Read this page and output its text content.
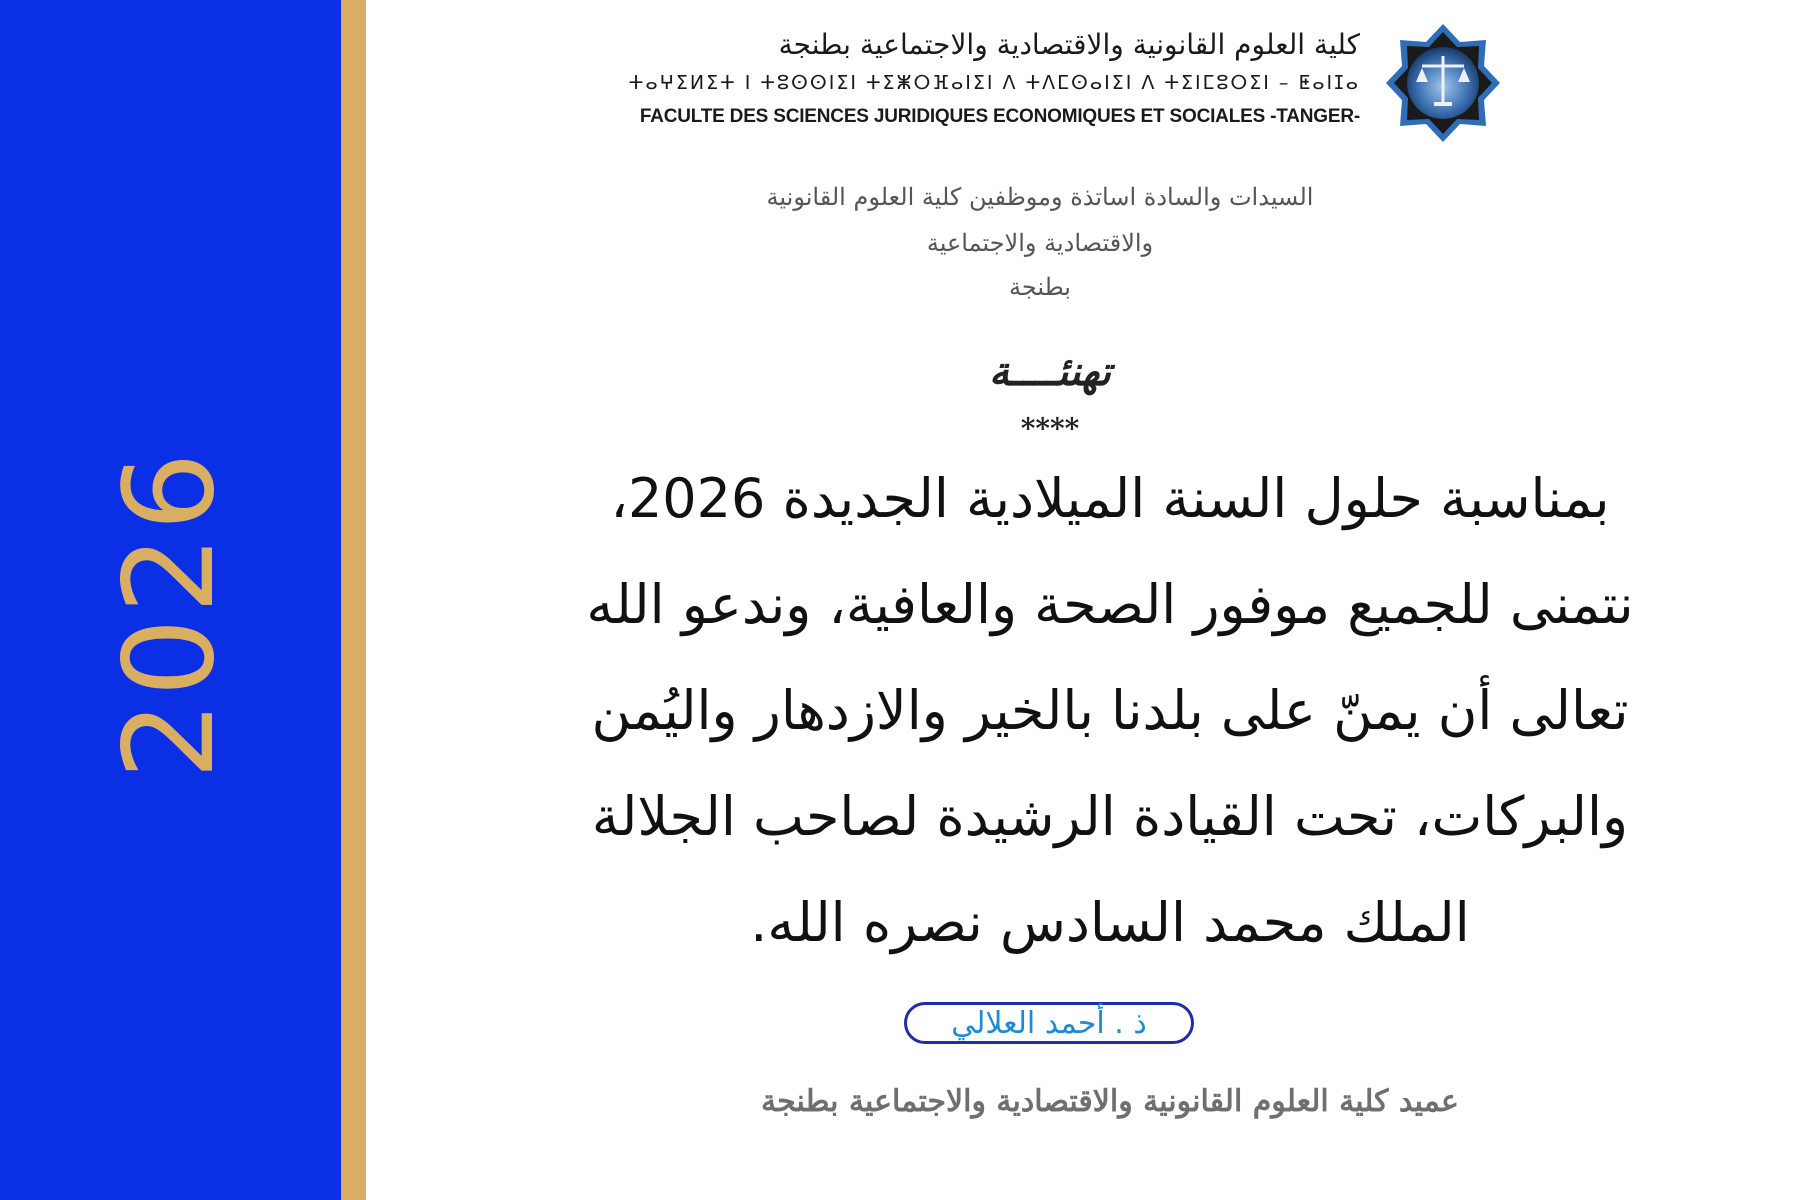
2026
كلية العلوم القانونية والاقتصادية والاجتماعية بطنجة
ⵜⴰⵖⵉⵍⵉⵜ ⵏ ⵜⵓⵙⵙⵏⵉⵏ ⵜⵉⵥⵔⴼⴰⵏⵉⵏ ⴷ ⵜⴷⵎⵙⴰⵏⵉⵏ ⴷ ⵜⵉⵏⵎⵓⵔⵉⵏ – ⵟⴰⵏⵊⴰ
FACULTE DES SCIENCES JURIDIQUES ECONOMIQUES ET SOCIALES -TANGER-
السيدات والسادة اساتذة وموظفين كلية العلوم القانونية
والاقتصادية والاجتماعية
بطنجة
تهنئــــة
****
بمناسبة حلول السنة الميلادية الجديدة 2026،
نتمنى للجميع موفور الصحة والعافية، وندعو الله
تعالى أن يمنّ على بلدنا بالخير والازدهار واليُمن
والبركات، تحت القيادة الرشيدة لصاحب الجلالة
الملك محمد السادس نصره الله.
ذ . أحمد العلالي
عميد كلية العلوم القانونية والاقتصادية والاجتماعية بطنجة
